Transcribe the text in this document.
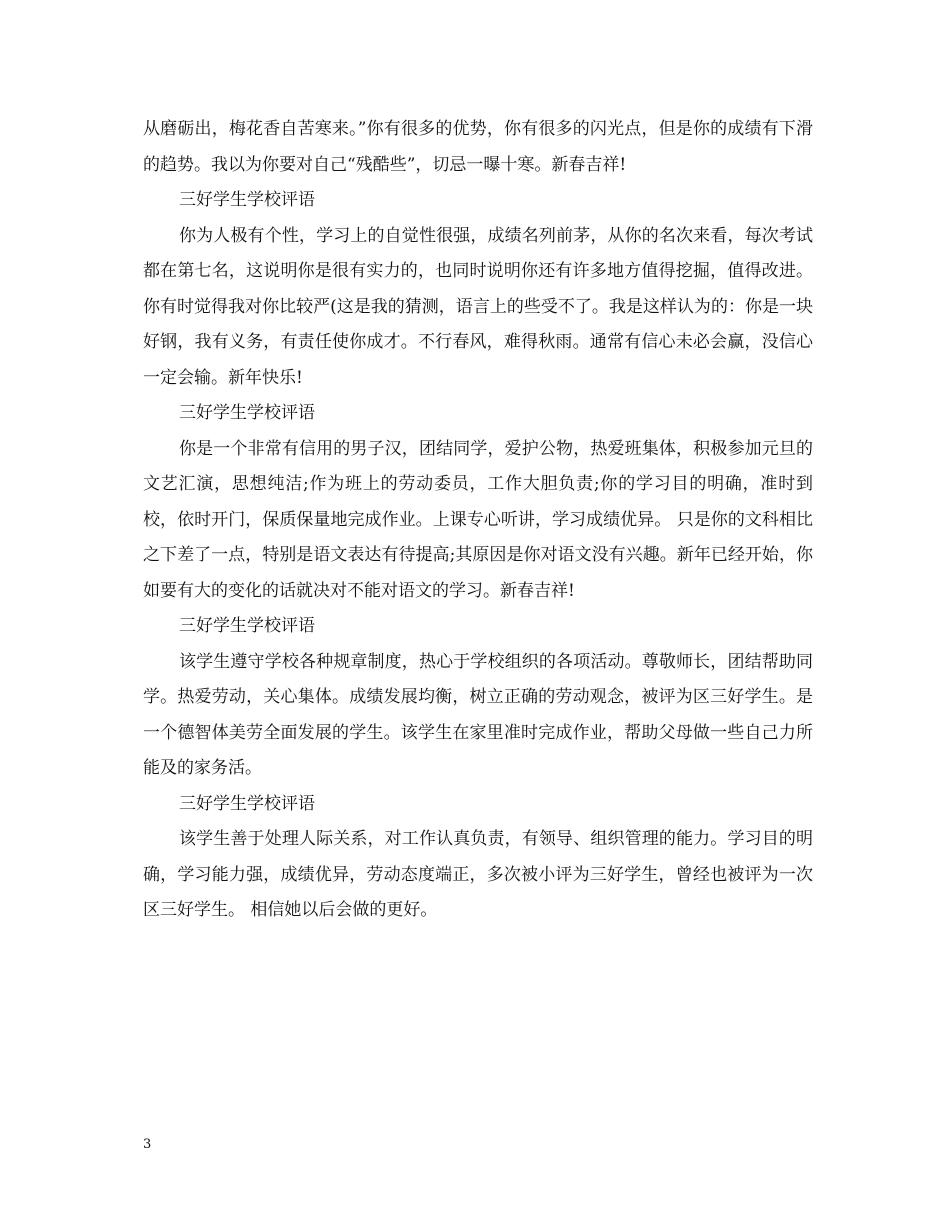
从磨砺出，梅花香自苦寒来。”你有很多的优势，你有很多的闪光点，但是你的成绩有下滑的趋势。我以为你要对自己“残酷些”，切忌一曝十寒。新春吉祥!

三好学生学校评语

你为人极有个性，学习上的自觉性很强，成绩名列前茅，从你的名次来看，每次考试都在第七名，这说明你是很有实力的，也同时说明你还有许多地方值得挖掘，值得改进。你有时觉得我对你比较严(这是我的猜测，语言上的些受不了。我是这样认为的：你是一块好钢，我有义务，有责任使你成才。不行春风，难得秋雨。通常有信心未必会赢，没信心一定会输。新年快乐!

三好学生学校评语

你是一个非常有信用的男子汉，团结同学，爱护公物，热爱班集体，积极参加元旦的文艺汇演，思想纯洁;作为班上的劳动委员，工作大胆负责;你的学习目的明确，准时到校，依时开门，保质保量地完成作业。上课专心听讲，学习成绩优异。 只是你的文科相比之下差了一点，特别是语文表达有待提高;其原因是你对语文没有兴趣。新年已经开始，你如要有大的变化的话就决对不能对语文的学习。新春吉祥!

三好学生学校评语

该学生遵守学校各种规章制度，热心于学校组织的各项活动。尊敬师长，团结帮助同学。热爱劳动，关心集体。成绩发展均衡，树立正确的劳动观念，被评为区三好学生。是一个德智体美劳全面发展的学生。该学生在家里准时完成作业，帮助父母做一些自己力所能及的家务活。

三好学生学校评语

该学生善于处理人际关系，对工作认真负责，有领导、组织管理的能力。学习目的明确，学习能力强，成绩优异，劳动态度端正，多次被小评为三好学生，曾经也被评为一次区三好学生。 相信她以后会做的更好。

3
